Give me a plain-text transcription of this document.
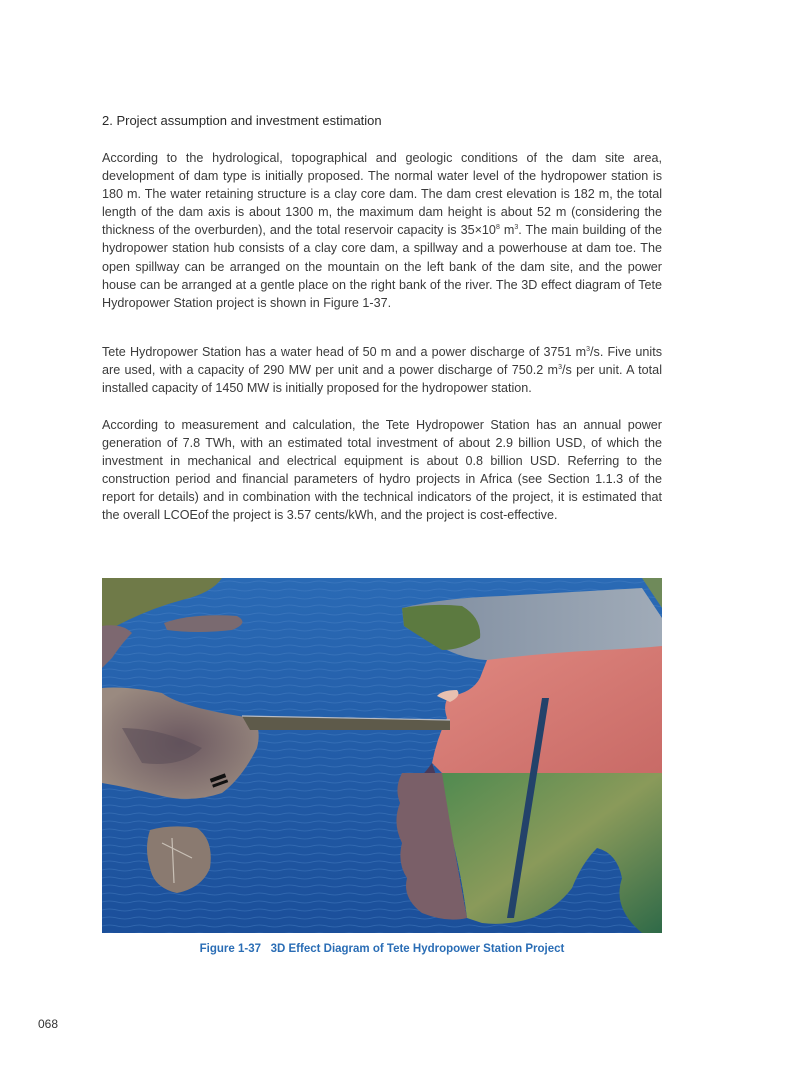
2. Project assumption and investment estimation

According to the hydrological, topographical and geologic conditions of the dam site area, development of dam type is initially proposed. The normal water level of the hydropower station is 180 m. The water retaining structure is a clay core dam. The dam crest elevation is 182 m, the total length of the dam axis is about 1300 m, the maximum dam height is about 52 m (considering the thickness of the overburden), and the total reservoir capacity is $35\times 10^8$ $m^3$. The main building of the hydropower station hub consists of a clay core dam, a spillway and a powerhouse at dam toe. The open spillway can be arranged on the mountain on the left bank of the dam site, and the power house can be arranged at a gentle place on the right bank of the river. The 3D effect diagram of Tete Hydropower Station project is shown in Figure 1-37.

Tete Hydropower Station has a water head of 50 m and a power discharge of 3751 $m^3/s$. Five units are used, with a capacity of 290 MW per unit and a power discharge of 750.2 $m^3/s$ per unit. A total installed capacity of 1450 MW is initially proposed for the hydropower station.

According to measurement and calculation, the Tete Hydropower Station has an annual power generation of 7.8 TWh, with an estimated total investment of about 2.9 billion USD, of which the investment in mechanical and electrical equipment is about 0.8 billion USD. Referring to the construction period and financial parameters of hydro projects in Africa (see Section 1.1.3 of the report for details) and in combination with the technical indicators of the project, it is estimated that the overall LCOEof the project is 3.57 cents/kWh, and the project is cost-effective.

Figure 1-37   3D Effect Diagram of Tete Hydropower Station Project
068
